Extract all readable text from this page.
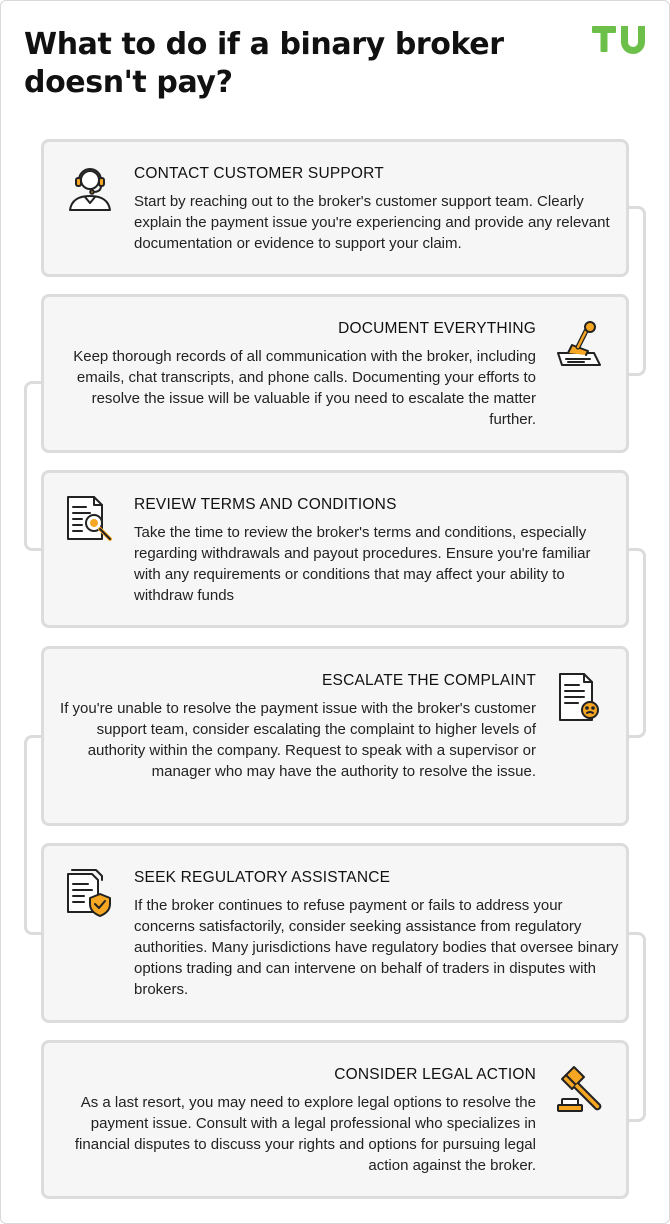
What to do if a binary broker doesn't pay?
CONTACT CUSTOMER SUPPORT

Start by reaching out to the broker's customer support team. Clearly explain the payment issue you're experiencing and provide any relevant documentation or evidence to support your claim.

DOCUMENT EVERYTHING

Keep thorough records of all communication with the broker, including emails, chat transcripts, and phone calls. Documenting your efforts to resolve the issue will be valuable if you need to escalate the matter further.

REVIEW TERMS AND CONDITIONS

Take the time to review the broker's terms and conditions, especially regarding withdrawals and payout procedures. Ensure you're familiar with any requirements or conditions that may affect your ability to withdraw funds

ESCALATE THE COMPLAINT

If you're unable to resolve the payment issue with the broker's customer support team, consider escalating the complaint to higher levels of authority within the company. Request to speak with a supervisor or manager who may have the authority to resolve the issue.

SEEK REGULATORY ASSISTANCE

If the broker continues to refuse payment or fails to address your concerns satisfactorily, consider seeking assistance from regulatory authorities. Many jurisdictions have regulatory bodies that oversee binary options trading and can intervene on behalf of traders in disputes with brokers.

CONSIDER LEGAL ACTION

As a last resort, you may need to explore legal options to resolve the payment issue. Consult with a legal professional who specializes in financial disputes to discuss your rights and options for pursuing legal action against the broker.
